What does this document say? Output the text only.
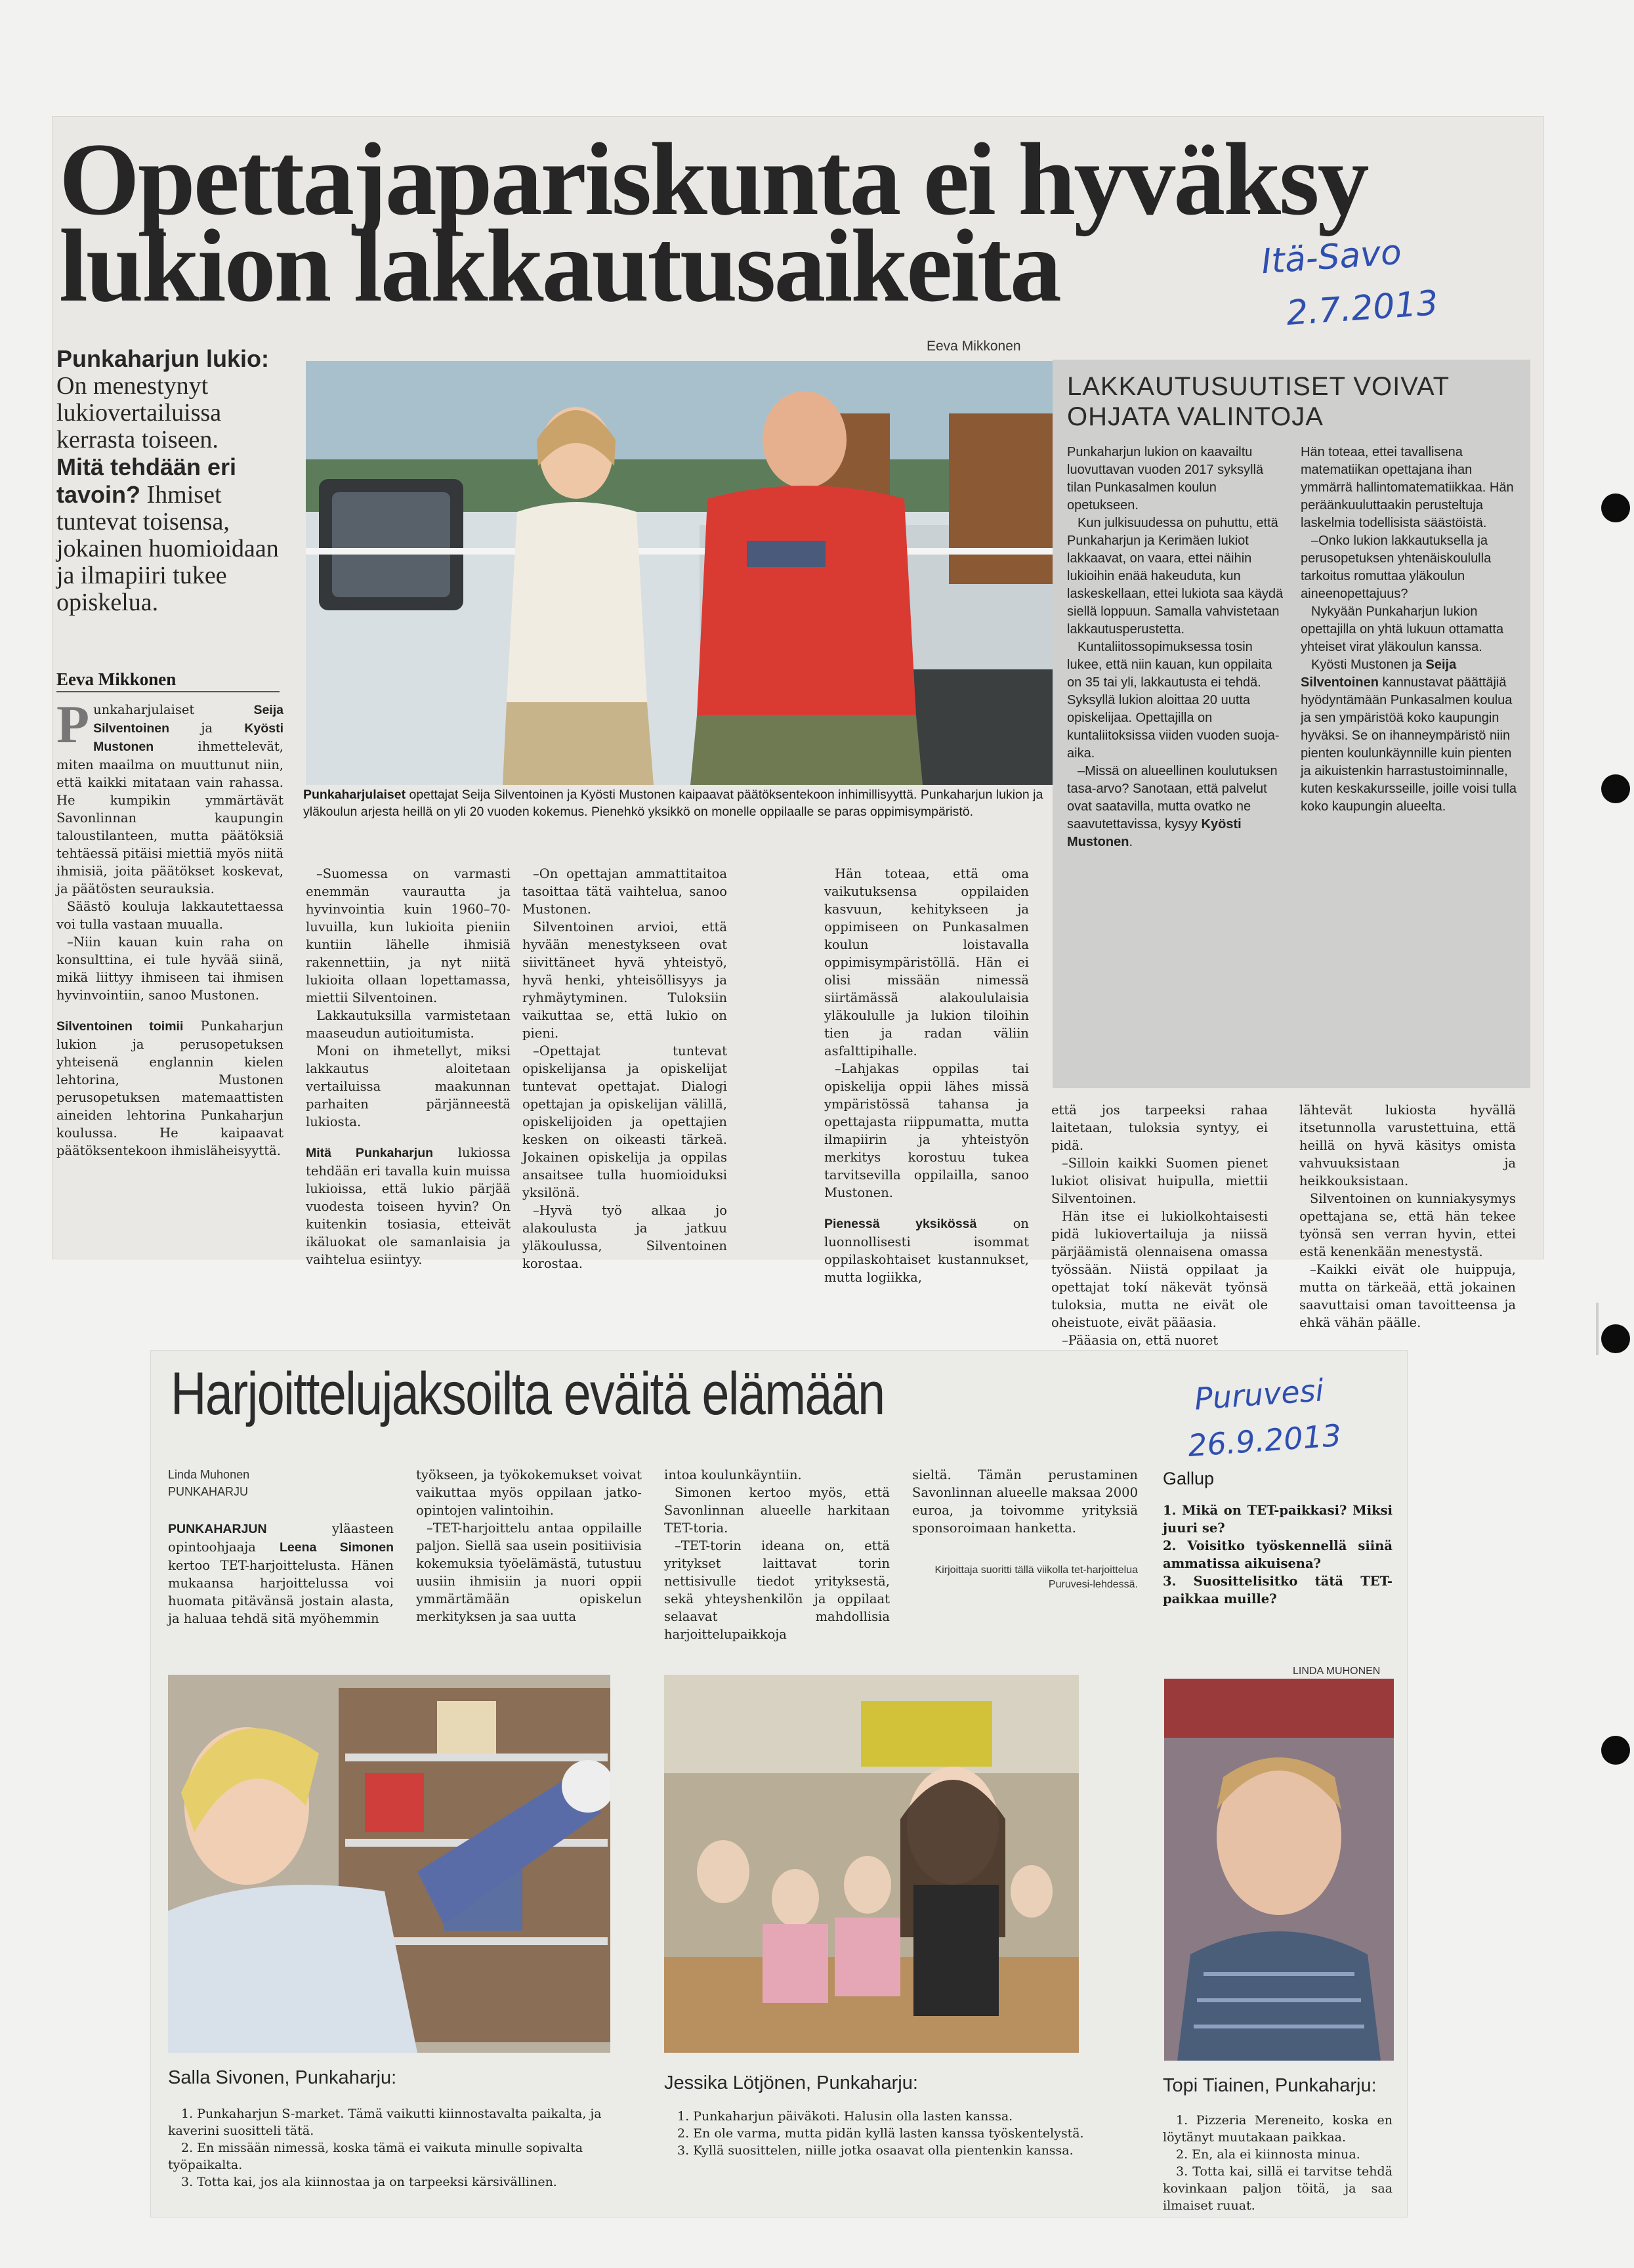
Opettajapariskunta ei hyväksy
lukion lakkautusaikeita	Itä-Savo
2.7.2013
Eeva Mikkonen
Punkaharjun lukio: On menestynyt lukiovertailuissa kerrasta toiseen.
Mitä tehdään eri tavoin? Ihmiset tuntevat toisensa, jokainen huomioidaan ja ilmapiiri tukee opiskelua.
Eeva Mikkonen
Punkaharjulaiset opettajat Seija Silventoinen ja Kyösti Mustonen kaipaavat päätöksentekoon inhimillisyyttä. Punkaharjun lukion ja yläkoulun arjesta heillä on yli 20 vuoden kokemus. Pienehkö yksikkö on monelle oppilaalle se paras oppimisympäristö.

Punkaharjulaiset Seija Silventoinen ja Kyösti Mustonen ihmettelevät, miten maailma on muuttunut niin, että kaikki mitataan vain rahassa. He kumpikin ymmärtävät Savonlinnan kaupungin taloustilanteen, mutta päätöksiä tehtäessä pitäisi miettiä myös niitä ihmisiä, joita päätökset koskevat, ja päätösten seurauksia.

Säästö kouluja lakkautettaessa voi tulla vastaan muualla.

–Niin kauan kuin raha on konsulttina, ei tule hyvää siinä, mikä liittyy ihmiseen tai ihmisen hyvinvointiin, sanoo Mustonen.

Silventoinen toimii Punkaharjun lukion ja perusopetuksen yhteisenä englannin kielen lehtorina, Mustonen perusopetuksen matemaattisten aineiden lehtorina Punkaharjun koulussa. He kaipaavat päätöksentekoon ihmisläheisyyttä.

–Suomessa on varmasti enemmän vaurautta ja hyvinvointia kuin 1960–70-luvuilla, kun lukioita pieniin kuntiin lähelle ihmisiä rakennettiin, ja nyt niitä lukioita ollaan lopettamassa, miettii Silventoinen.

Lakkautuksilla varmistetaan maaseudun autioitumista.

Moni on ihmetellyt, miksi lakkautus aloitetaan vertailuissa maakunnan parhaiten pärjänneestä lukiosta.

Mitä Punkaharjun lukiossa tehdään eri tavalla kuin muissa lukioissa, että lukio pärjää vuodesta toiseen hyvin? On kuitenkin tosiasia, etteivät ikäluokat ole samanlaisia ja vaihtelua esiintyy.

–On opettajan ammattitaitoa tasoittaa tätä vaihtelua, sanoo Mustonen.

Silventoinen arvioi, että hyvään menestykseen ovat siivittäneet hyvä yhteistyö, hyvä henki, yhteisöllisyys ja ryhmäytyminen. Tuloksiin vaikuttaa se, että lukio on pieni.

–Opettajat tuntevat opiskelijansa ja opiskelijat tuntevat opettajat. Dialogi opettajan ja opiskelijan välillä, opiskelijoiden ja opettajien kesken on oikeasti tärkeä. Jokainen opiskelija ja oppilas ansaitsee tulla huomioiduksi yksilönä.

–Hyvä työ alkaa jo alakoulusta ja jatkuu yläkoulussa, Silventoinen korostaa.

Hän toteaa, että oma vaikutuksensa oppilaiden kasvuun, kehitykseen ja oppimiseen on Punkasalmen koulun loistavalla oppimisympäristöllä. Hän ei olisi missään nimessä siirtämässä alakoululaisia yläkoululle ja lukion tiloihin tien ja radan väliin asfalttipihalle.

–Lahjakas oppilas tai opiskelija oppii lähes missä ympäristössä tahansa ja opettajasta riippumatta, mutta ilmapiirin ja yhteistyön merkitys korostuu tukea tarvitsevilla oppilailla, sanoo Mustonen.

Pienessä yksikössä on luonnollisesti isommat oppilaskohtaiset kustannukset, mutta logiikka,

että jos tarpeeksi rahaa laitetaan, tuloksia syntyy, ei pidä.

–Silloin kaikki Suomen pienet lukiot olisivat huipulla, miettii Silventoinen.

Hän itse ei lukiolkohtaisesti pidä lukiovertailuja ja niissä pärjäämistä olennaisena omassa työssään. Niistä oppilaat ja opettajat tokí näkevät työnsä tuloksia, mutta ne eivät ole oheistuote, eivät pääasia.

–Pääasia on, että nuoret

lähtevät lukiosta hyvällä itsetunnolla varustettuina, että heillä on hyvä käsitys omista vahvuuksistaan ja heikkouksistaan.

Silventoinen on kunniakysymys opettajana se, että hän tekee työnsä sen verran hyvin, ettei estä kenenkään menestystä.

–Kaikki eivät ole huippuja, mutta on tärkeää, että jokainen saavuttaisi oman tavoitteensa ja ehkä vähän päälle.

LAKKAUTUSUUTISET VOIVAT
OHJATA VALINTOJA

Punkaharjun lukion on kaavailtu luovuttavan vuoden 2017 syksyllä tilan Punkasalmen koulun opetukseen.

Kun julkisuudessa on puhuttu, että Punkaharjun ja Kerimäen lukiot lakkaavat, on vaara, ettei näihin lukioihin enää hakeuduta, kun laskeskellaan, ettei lukiota saa käydä siellä loppuun. Samalla vahvistetaan lakkautusperustetta.

Kuntaliitossopimuksessa tosin lukee, että niin kauan, kun oppilaita on 35 tai yli, lakkautusta ei tehdä. Syksyllä lukion aloittaa 20 uutta opiskelijaa. Opettajilla on kuntaliitoksissa viiden vuoden suoja-aika.

–Missä on alueellinen koulutuksen tasa-arvo? Sanotaan, että palvelut ovat saatavilla, mutta ovatko ne saavutettavissa, kysyy Kyösti Mustonen.

Hän toteaa, ettei tavallisena matematiikan opettajana ihan ymmärrä hallintomatematiikkaa. Hän peräänkuuluttaakin perusteltuja laskelmia todellisista säästöistä.

–Onko lukion lakkautuksella ja perusopetuksen yhtenäiskoululla tarkoitus romuttaa yläkoulun aineenopettajuus?

Nykyään Punkaharjun lukion opettajilla on yhtä lukuun ottamatta yhteiset virat yläkoulun kanssa.

Kyösti Mustonen ja Seija Silventoinen kannustavat päättäjiä hyödyntämään Punkasalmen koulua ja sen ympäristöä koko kaupungin hyväksi. Se on ihanneympäristö niin pienten koulunkäynnille kuin pienten ja aikuistenkin harrastustoiminnalle, kuten keskakursseille, joille voisi tulla koko kaupungin alueelta.

Harjoittelujaksoilta eväitä elämään	Puruvesi
26.9.2013
Linda Muhonen
PUNKAHARJU
PUNKAHARJUN yläasteen opintoohjaaja Leena Simonen kertoo TET-harjoittelusta. Hänen mukaansa harjoittelussa voi huomata pitävänsä jostain alasta, ja haluaa tehdä sitä myöhemmin
työkseen, ja työkokemukset voivat vaikuttaa myös oppilaan jatko-opintojen valintoihin.
–TET-harjoittelu antaa oppilaille paljon. Siellä saa usein positiivisia kokemuksia työelämästä, tutustuu uusiin ihmisiin ja nuori oppii ymmärtämään opiskelun merkityksen ja saa uutta
intoa koulunkäyntiin.
Simonen kertoo myös, että Savonlinnan alueelle harkitaan TET-toria.
–TET-torin ideana on, että yritykset laittavat torin nettisivulle tiedot yrityksestä, sekä yhteyshenkilön ja oppilaat selaavat mahdollisia harjoittelupaikkoja
sieltä. Tämän perustaminen Savonlinnan alueelle maksaa 2000 euroa, ja toivomme yrityksiä sponsoroimaan hanketta.
Kirjoittaja suoritti tällä viikolla tet-harjoittelua Puruvesi-lehdessä.
Gallup
1. Mikä on TET-paikkasi? Miksi juuri se?
2. Voisitko työskennellä siinä ammatissa aikuisena?
3. Suosittelisitko tätä TET-paikkaa muille?
LINDA MUHONEN
Salla Sivonen, Punkaharju:
1. Punkaharjun S-market. Tämä vaikutti kiinnostavalta paikalta, ja kaverini suositteli tätä.
2. En missään nimessä, koska tämä ei vaikuta minulle sopivalta työpaikalta.
3. Totta kai, jos ala kiinnostaa ja on tarpeeksi kärsivällinen.
Jessika Lötjönen, Punkaharju:
1. Punkaharjun päiväkoti. Halusin olla lasten kanssa.
2. En ole varma, mutta pidän kyllä lasten kanssa työskentelystä.
3. Kyllä suosittelen, niille jotka osaavat olla pientenkin kanssa.
Topi Tiainen, Punkaharju:
1. Pizzeria Mereneito, koska en löytänyt muutakaan paikkaa.
2. En, ala ei kiinnosta minua.
3. Totta kai, sillä ei tarvitse tehdä kovinkaan paljon töitä, ja saa ilmaiset ruuat.
